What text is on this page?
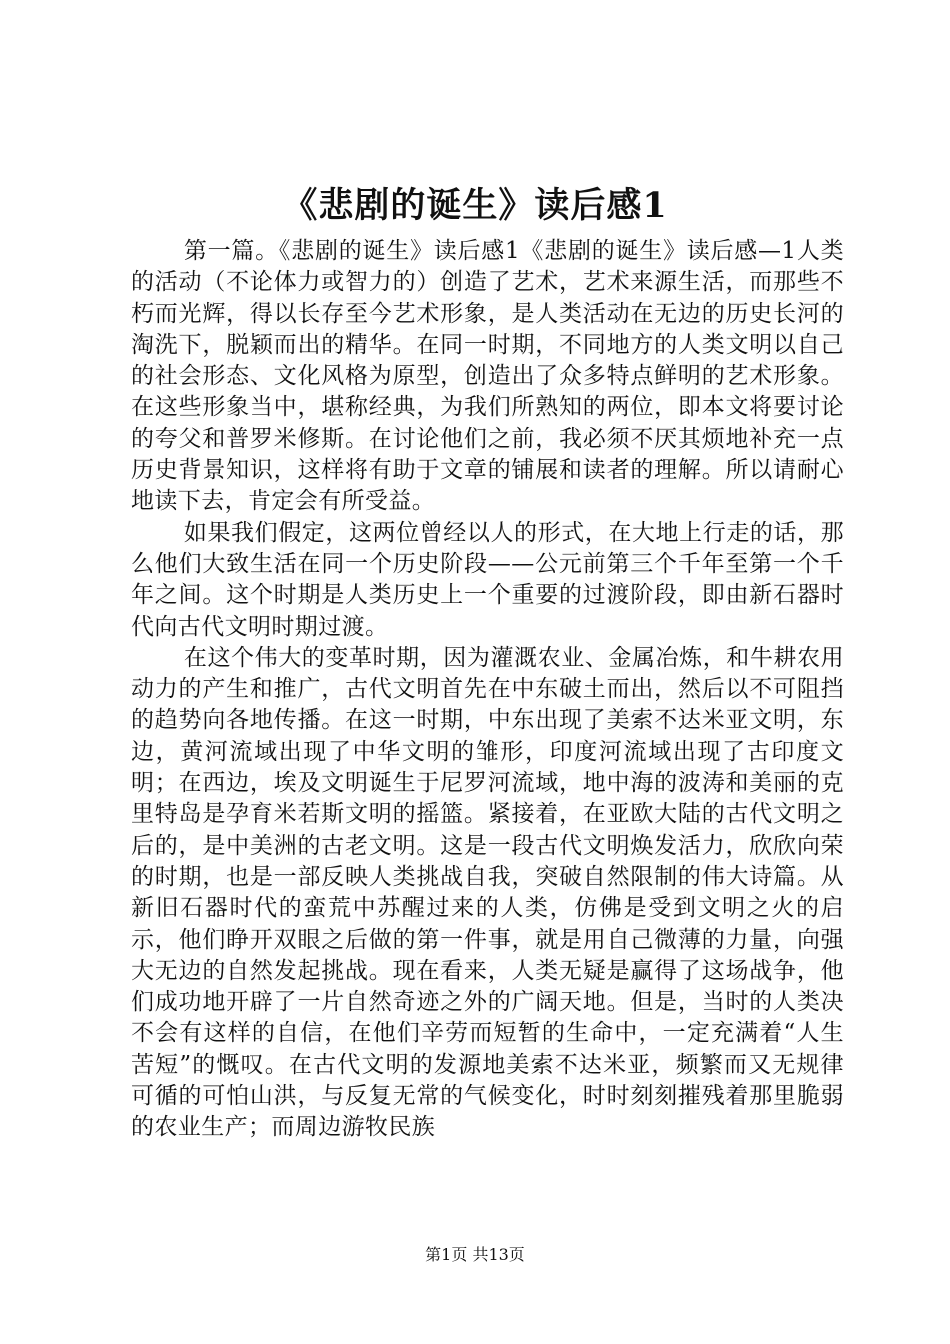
《悲剧的诞生》读后感1

第一篇。《悲剧的诞生》读后感1《悲剧的诞生》读后感—1人类的活动（不论体力或智力的）创造了艺术，艺术来源生活，而那些不朽而光辉，得以长存至今艺术形象，是人类活动在无边的历史长河的淘洗下，脱颖而出的精华。在同一时期，不同地方的人类文明以自己的社会形态、文化风格为原型，创造出了众多特点鲜明的艺术形象。在这些形象当中，堪称经典，为我们所熟知的两位，即本文将要讨论的夸父和普罗米修斯。在讨论他们之前，我必须不厌其烦地补充一点历史背景知识，这样将有助于文章的铺展和读者的理解。所以请耐心地读下去，肯定会有所受益。

如果我们假定，这两位曾经以人的形式，在大地上行走的话，那么他们大致生活在同一个历史阶段——公元前第三个千年至第一个千年之间。这个时期是人类历史上一个重要的过渡阶段，即由新石器时代向古代文明时期过渡。

在这个伟大的变革时期，因为灌溉农业、金属冶炼，和牛耕农用动力的产生和推广，古代文明首先在中东破土而出，然后以不可阻挡的趋势向各地传播。在这一时期，中东出现了美索不达米亚文明，东边，黄河流域出现了中华文明的雏形，印度河流域出现了古印度文明；在西边，埃及文明诞生于尼罗河流域，地中海的波涛和美丽的克里特岛是孕育米若斯文明的摇篮。紧接着，在亚欧大陆的古代文明之后的，是中美洲的古老文明。这是一段古代文明焕发活力，欣欣向荣的时期，也是一部反映人类挑战自我，突破自然限制的伟大诗篇。从新旧石器时代的蛮荒中苏醒过来的人类，仿佛是受到文明之火的启示，他们睁开双眼之后做的第一件事，就是用自己微薄的力量，向强大无边的自然发起挑战。现在看来，人类无疑是赢得了这场战争，他们成功地开辟了一片自然奇迹之外的广阔天地。但是，当时的人类决不会有这样的自信，在他们辛劳而短暂的生命中，一定充满着“人生苦短”的慨叹。在古代文明的发源地美索不达米亚，频繁而又无规律可循的可怕山洪，与反复无常的气候变化，时时刻刻摧残着那里脆弱的农业生产；而周边游牧民族

第1页 共13页
